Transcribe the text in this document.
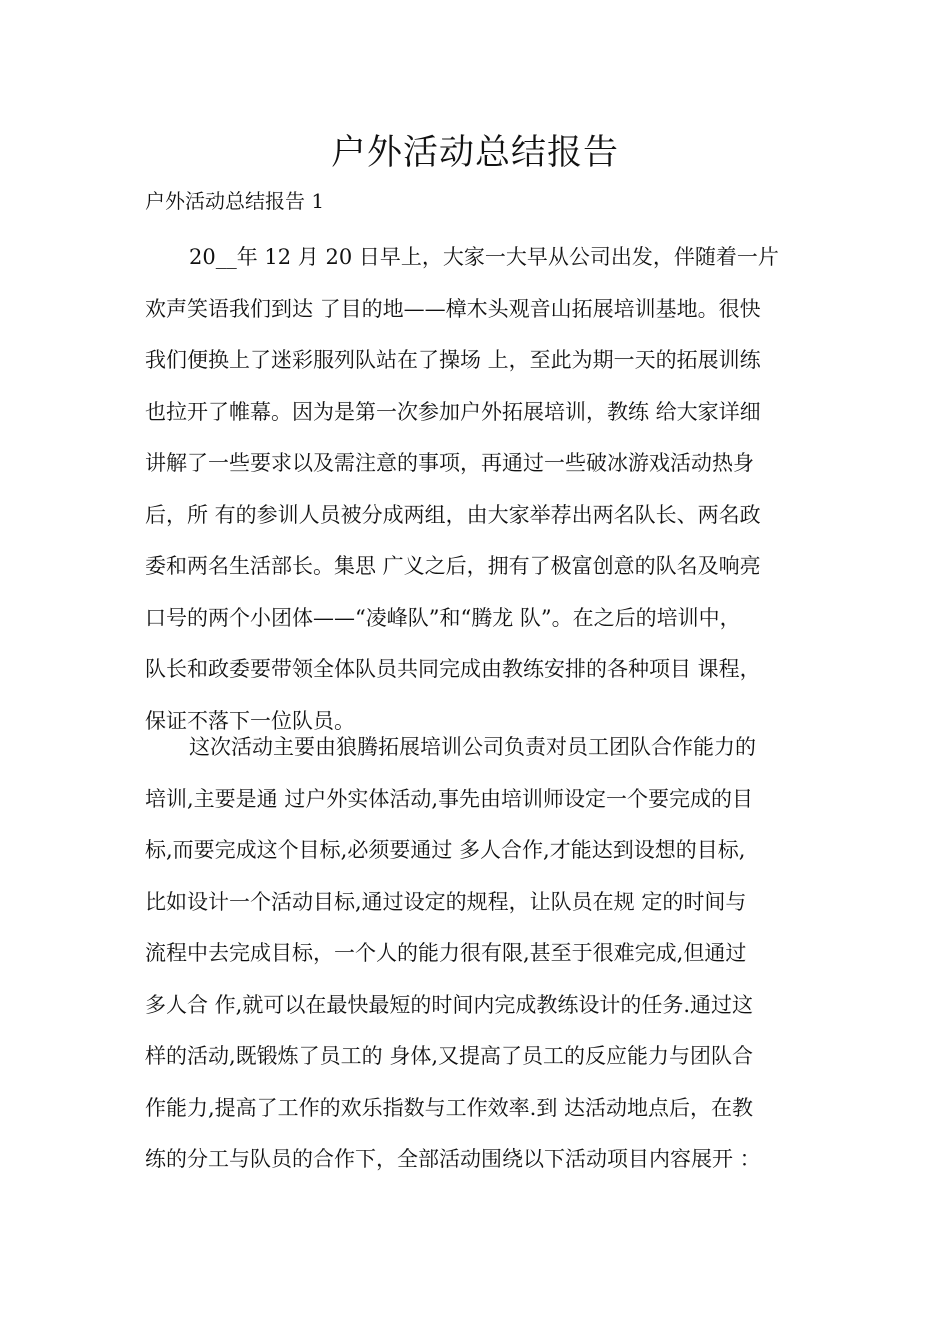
户外活动总结报告

户外活动总结报告 1

20__年 12 月 20 日早上，大家一大早从公司出发，伴随着一片
欢声笑语我们到达 了目的地——樟木头观音山拓展培训基地。很快
我们便换上了迷彩服列队站在了操场 上，至此为期一天的拓展训练
也拉开了帷幕。因为是第一次参加户外拓展培训，教练 给大家详细
讲解了一些要求以及需注意的事项，再通过一些破冰游戏活动热身
后，所 有的参训人员被分成两组，由大家举荐出两名队长、两名政
委和两名生活部长。集思 广义之后，拥有了极富创意的队名及响亮
口号的两个小团体——“凌峰队”和“腾龙 队”。在之后的培训中，
队长和政委要带领全体队员共同完成由教练安排的各种项目 课程，
保证不落下一位队员。

这次活动主要由狼腾拓展培训公司负责对员工团队合作能力的
培训,主要是通 过户外实体活动,事先由培训师设定一个要完成的目
标,而要完成这个目标,必须要通过 多人合作,才能达到设想的目标,
比如设计一个活动目标,通过设定的规程，让队员在规 定的时间与
流程中去完成目标，一个人的能力很有限,甚至于很难完成,但通过
多人合 作,就可以在最快最短的时间内完成教练设计的任务.通过这
样的活动,既锻炼了员工的 身体,又提高了员工的反应能力与团队合
作能力,提高了工作的欢乐指数与工作效率.到 达活动地点后，在教
练的分工与队员的合作下，全部活动围绕以下活动项目内容展开 ：
